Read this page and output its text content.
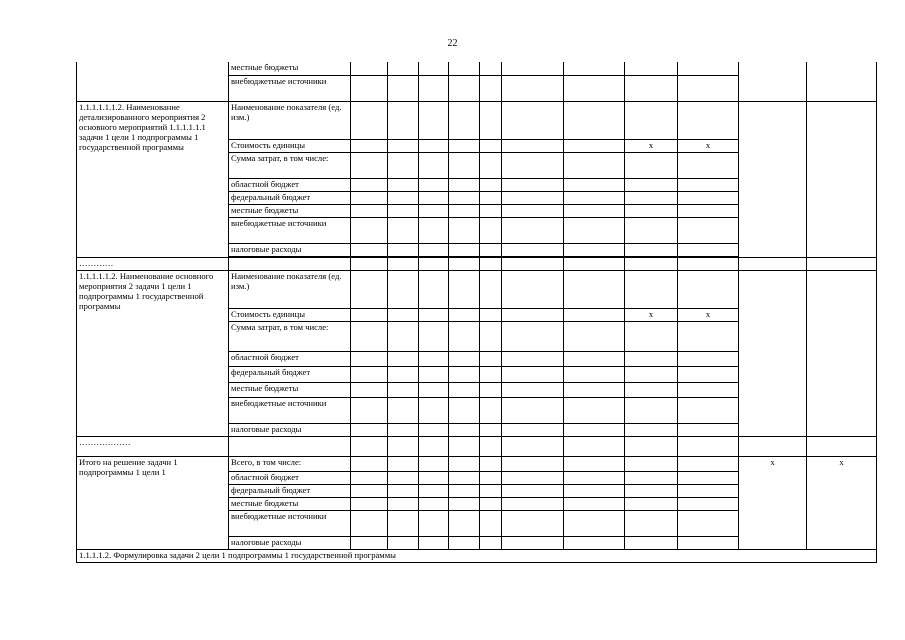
22
	местные бюджеты											
	внебюджетные источники											
1.1.1.1.1.1.2. Наименование детализированного мероприятия 2 основного мероприятий 1.1.1.1.1.1 задачи 1 цели 1 подпрограммы 1 государственной программы	Наименование показателя (ед. изм.)											
	Стоимость единицы								x	x		
	Сумма затрат, в том числе:											
	областной бюджет											
	федеральный бюджет											
	местные бюджеты											
	внебюджетные источники											
	налоговые расходы											

…………												
1.1.1.1.1.2. Наименование основного мероприятия 2 задачи 1 цели 1 подпрограммы 1 государственной программы	Наименование показателя (ед. изм.)											
	Стоимость единицы								x	x		
	Сумма затрат, в том числе:											
	областной бюджет											
	федеральный бюджет											
	местные бюджеты											
	внебюджетные источники											
	налоговые расходы											
………………												
Итого на решение задачи 1 подпрограммы 1 цели 1	Всего, в том числе:										x	x
	областной бюджет											
	федеральный бюджет											
	местные бюджеты											
	внебюджетные источники											
	налоговые расходы											
1.1.1.1.2. Формулировка задачи 2 цели 1 подпрограммы 1 государственной программы												
